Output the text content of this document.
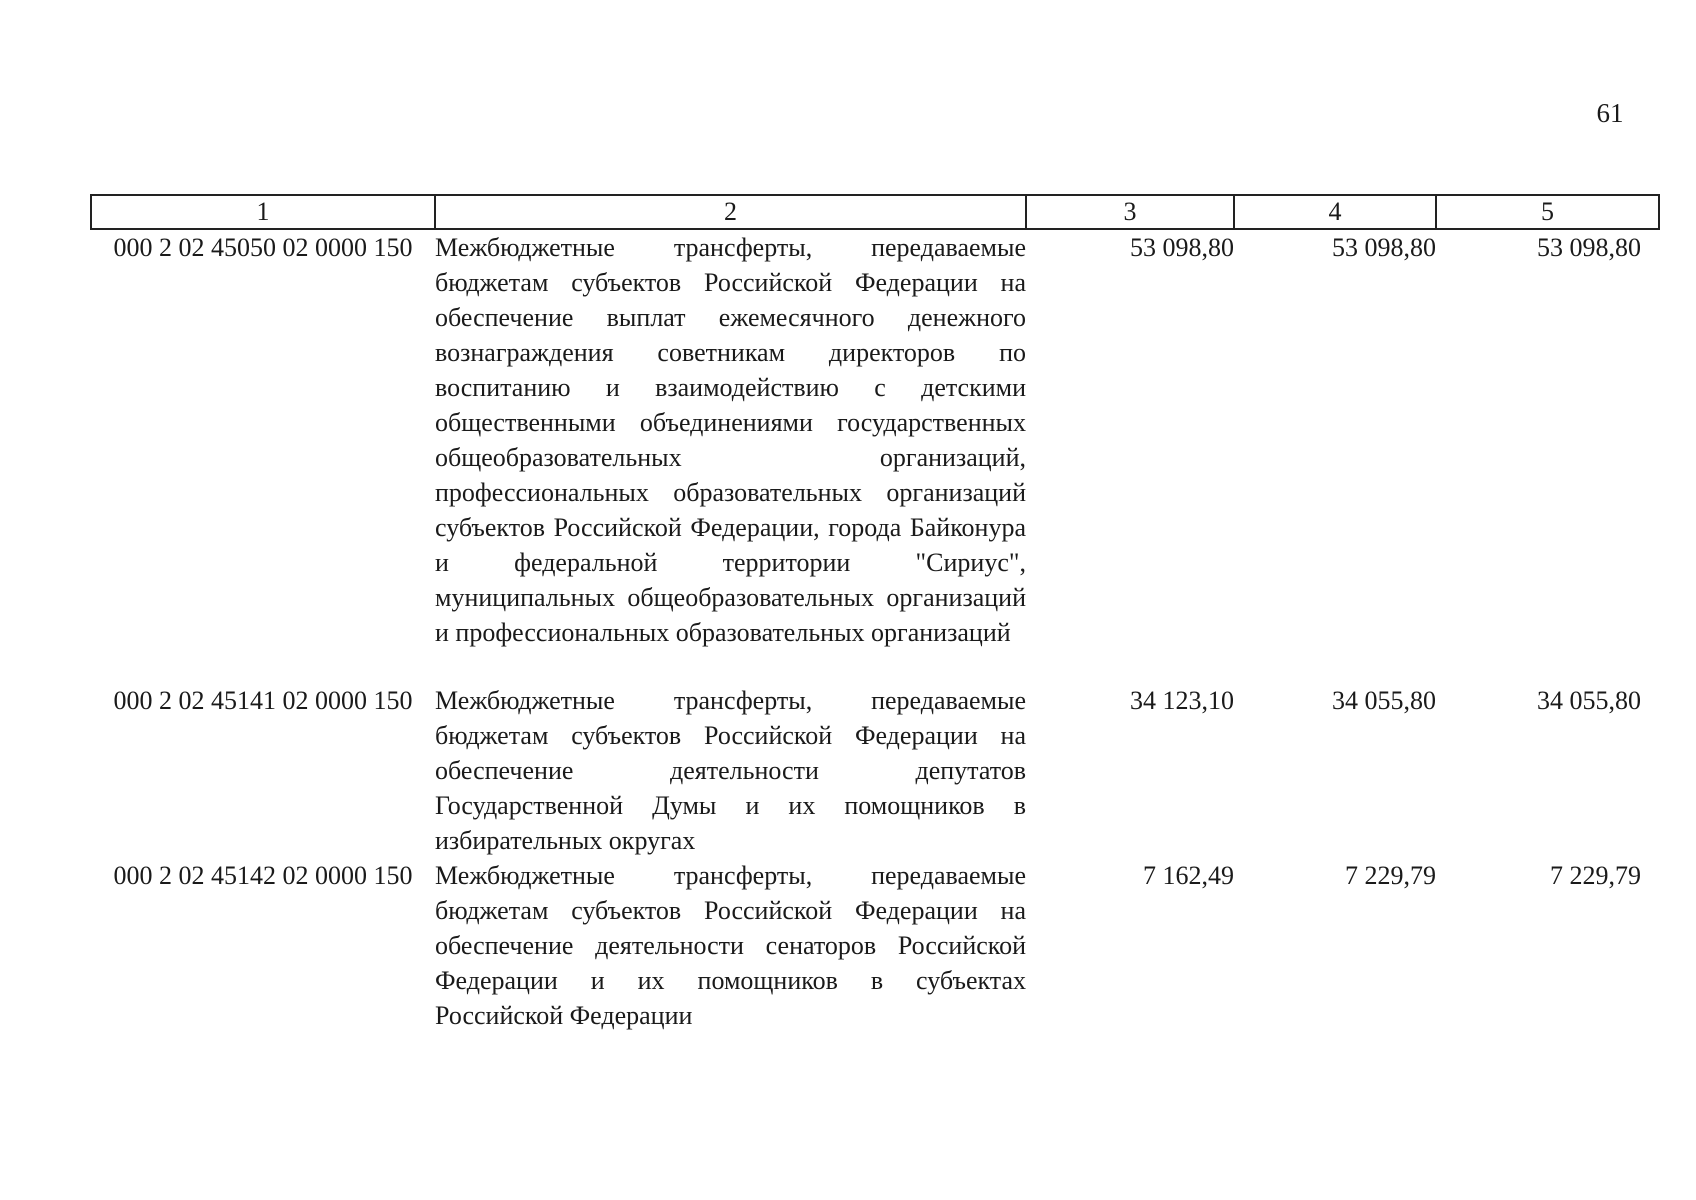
61
1	2	3	4	5
000 2 02 45050 02 0000 150	Межбюджетные трансферты, передаваемые бюджетам субъектов Российской Федерации на обеспечение выплат ежемесячного денежного вознаграждения советникам директоров по воспитанию и взаимодействию с детскими общественными объединениями государственных общеобразовательных организаций, профессиональных образовательных организаций субъектов Российской Федерации, города Байконура и федеральной территории "Сириус", муниципальных общеобразовательных организаций и профессиональных образовательных организаций	53 098,80	53 098,80	53 098,80
000 2 02 45141 02 0000 150	Межбюджетные трансферты, передаваемые бюджетам субъектов Российской Федерации на обеспечение деятельности депутатов Государственной Думы и их помощников в избирательных округах	34 123,10	34 055,80	34 055,80
000 2 02 45142 02 0000 150	Межбюджетные трансферты, передаваемые бюджетам субъектов Российской Федерации на обеспечение деятельности сенаторов Российской Федерации и их помощников в субъектах Российской Федерации	7 162,49	7 229,79	7 229,79
